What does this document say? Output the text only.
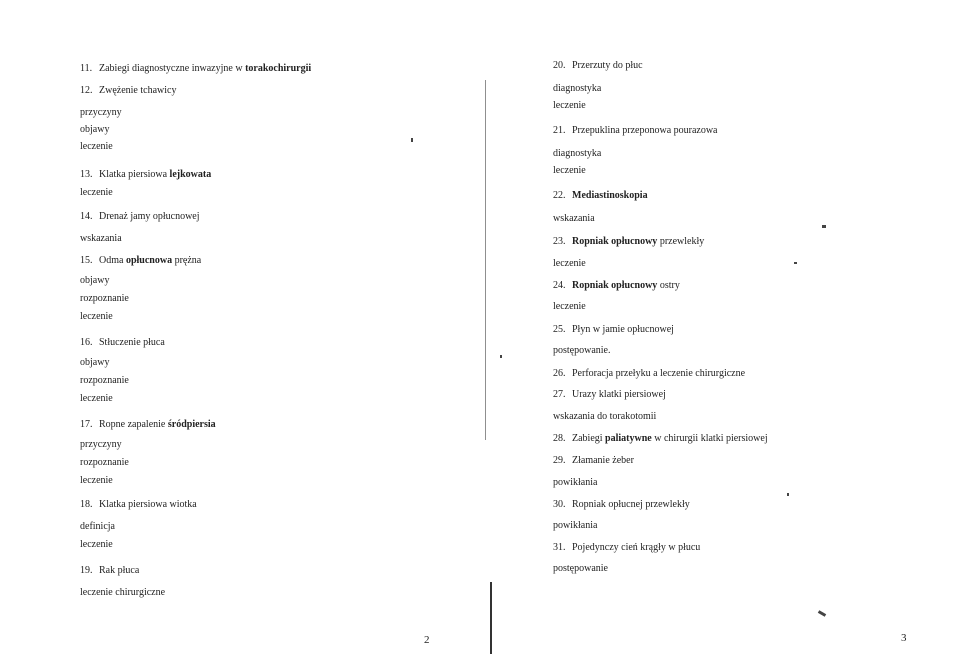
11. Zabiegi diagnostyczne inwazyjne w torakochirurgii
12. Zwężenie tchawicy
przyczyny
objawy
leczenie
13. Klatka piersiowa lejkowata
leczenie
14. Drenaż jamy opłucnowej
wskazania
15. Odma opłucnowa prężna
objawy
rozpoznanie
leczenie
16. Stłuczenie płuca
objawy
rozpoznanie
leczenie
17. Ropne zapalenie śródpiersia
przyczyny
rozpoznanie
leczenie
18. Klatka piersiowa wiotka
definicja
leczenie
19. Rak płuca
leczenie chirurgiczne
20. Przerzuty do płuc
diagnostyka
leczenie
21. Przepuklina przeponowa pourazowa
diagnostyka
leczenie
22. Mediastinoskopia
wskazania
23. Ropniak opłucnowy przewlekły
leczenie
24. Ropniak opłucnowy ostry
leczenie
25. Płyn w jamie opłucnowej
postępowanie.
26. Perforacja przełyku a leczenie chirurgiczne
27. Urazy klatki piersiowej
wskazania do torakotomii
28. Zabiegi paliatywne w chirurgii klatki piersiowej
29. Złamanie żeber
powikłania
30. Ropniak opłucnej przewlekły
powikłania
31. Pojedynczy cień krągły w płucu
postępowanie
2	3
